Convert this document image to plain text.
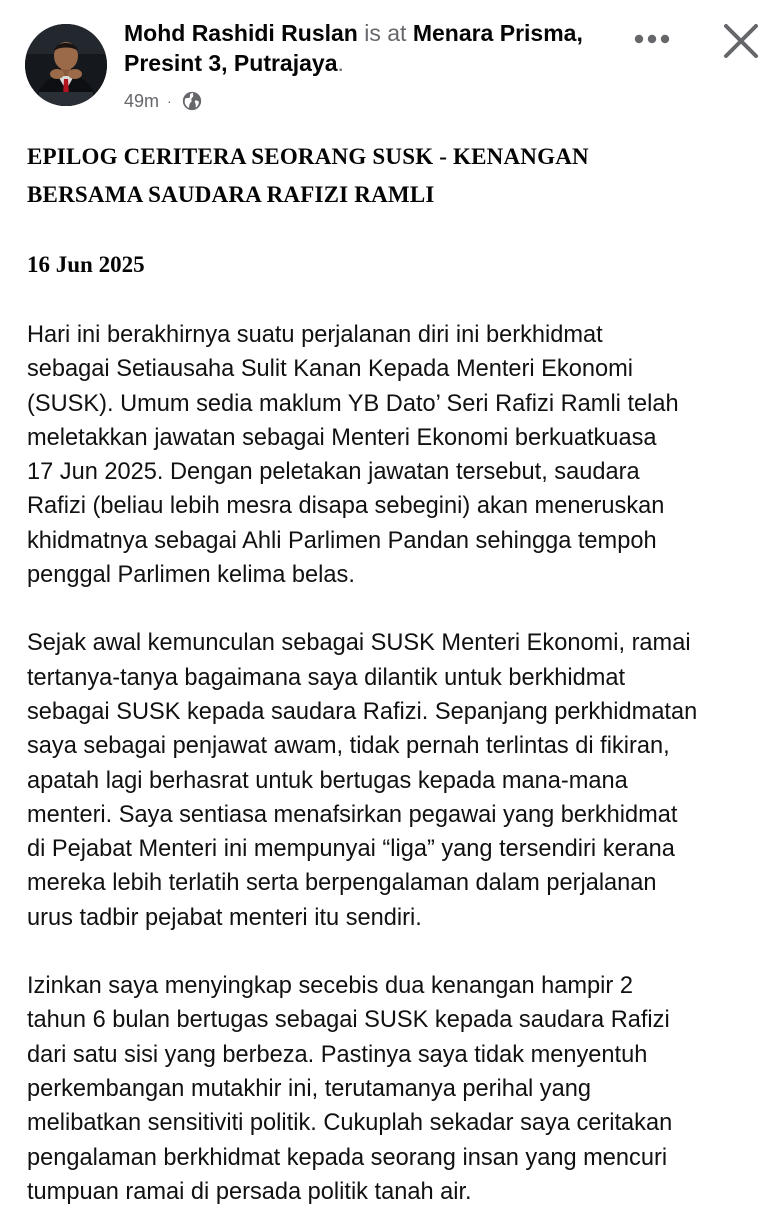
Mohd Rashidi Ruslan is at Menara Prisma, Presint 3, Putrajaya.
49m ·
EPILOG CERITERA SEORANG SUSK - KENANGAN
BERSAMA SAUDARA RAFIZI RAMLI

16 Jun 2025

Hari ini berakhirnya suatu perjalanan diri ini berkhidmat
sebagai Setiausaha Sulit Kanan Kepada Menteri Ekonomi
(SUSK). Umum sedia maklum YB Dato’ Seri Rafizi Ramli telah
meletakkan jawatan sebagai Menteri Ekonomi berkuatkuasa
17 Jun 2025. Dengan peletakan jawatan tersebut, saudara
Rafizi (beliau lebih mesra disapa sebegini) akan meneruskan
khidmatnya sebagai Ahli Parlimen Pandan sehingga tempoh
penggal Parlimen kelima belas.

Sejak awal kemunculan sebagai SUSK Menteri Ekonomi, ramai
tertanya-tanya bagaimana saya dilantik untuk berkhidmat
sebagai SUSK kepada saudara Rafizi. Sepanjang perkhidmatan
saya sebagai penjawat awam, tidak pernah terlintas di fikiran,
apatah lagi berhasrat untuk bertugas kepada mana-mana
menteri. Saya sentiasa menafsirkan pegawai yang berkhidmat
di Pejabat Menteri ini mempunyai “liga” yang tersendiri kerana
mereka lebih terlatih serta berpengalaman dalam perjalanan
urus tadbir pejabat menteri itu sendiri.

Izinkan saya menyingkap secebis dua kenangan hampir 2
tahun 6 bulan bertugas sebagai SUSK kepada saudara Rafizi
dari satu sisi yang berbeza. Pastinya saya tidak menyentuh
perkembangan mutakhir ini, terutamanya perihal yang
melibatkan sensitiviti politik. Cukuplah sekadar saya ceritakan
pengalaman berkhidmat kepada seorang insan yang mencuri
tumpuan ramai di persada politik tanah air.
